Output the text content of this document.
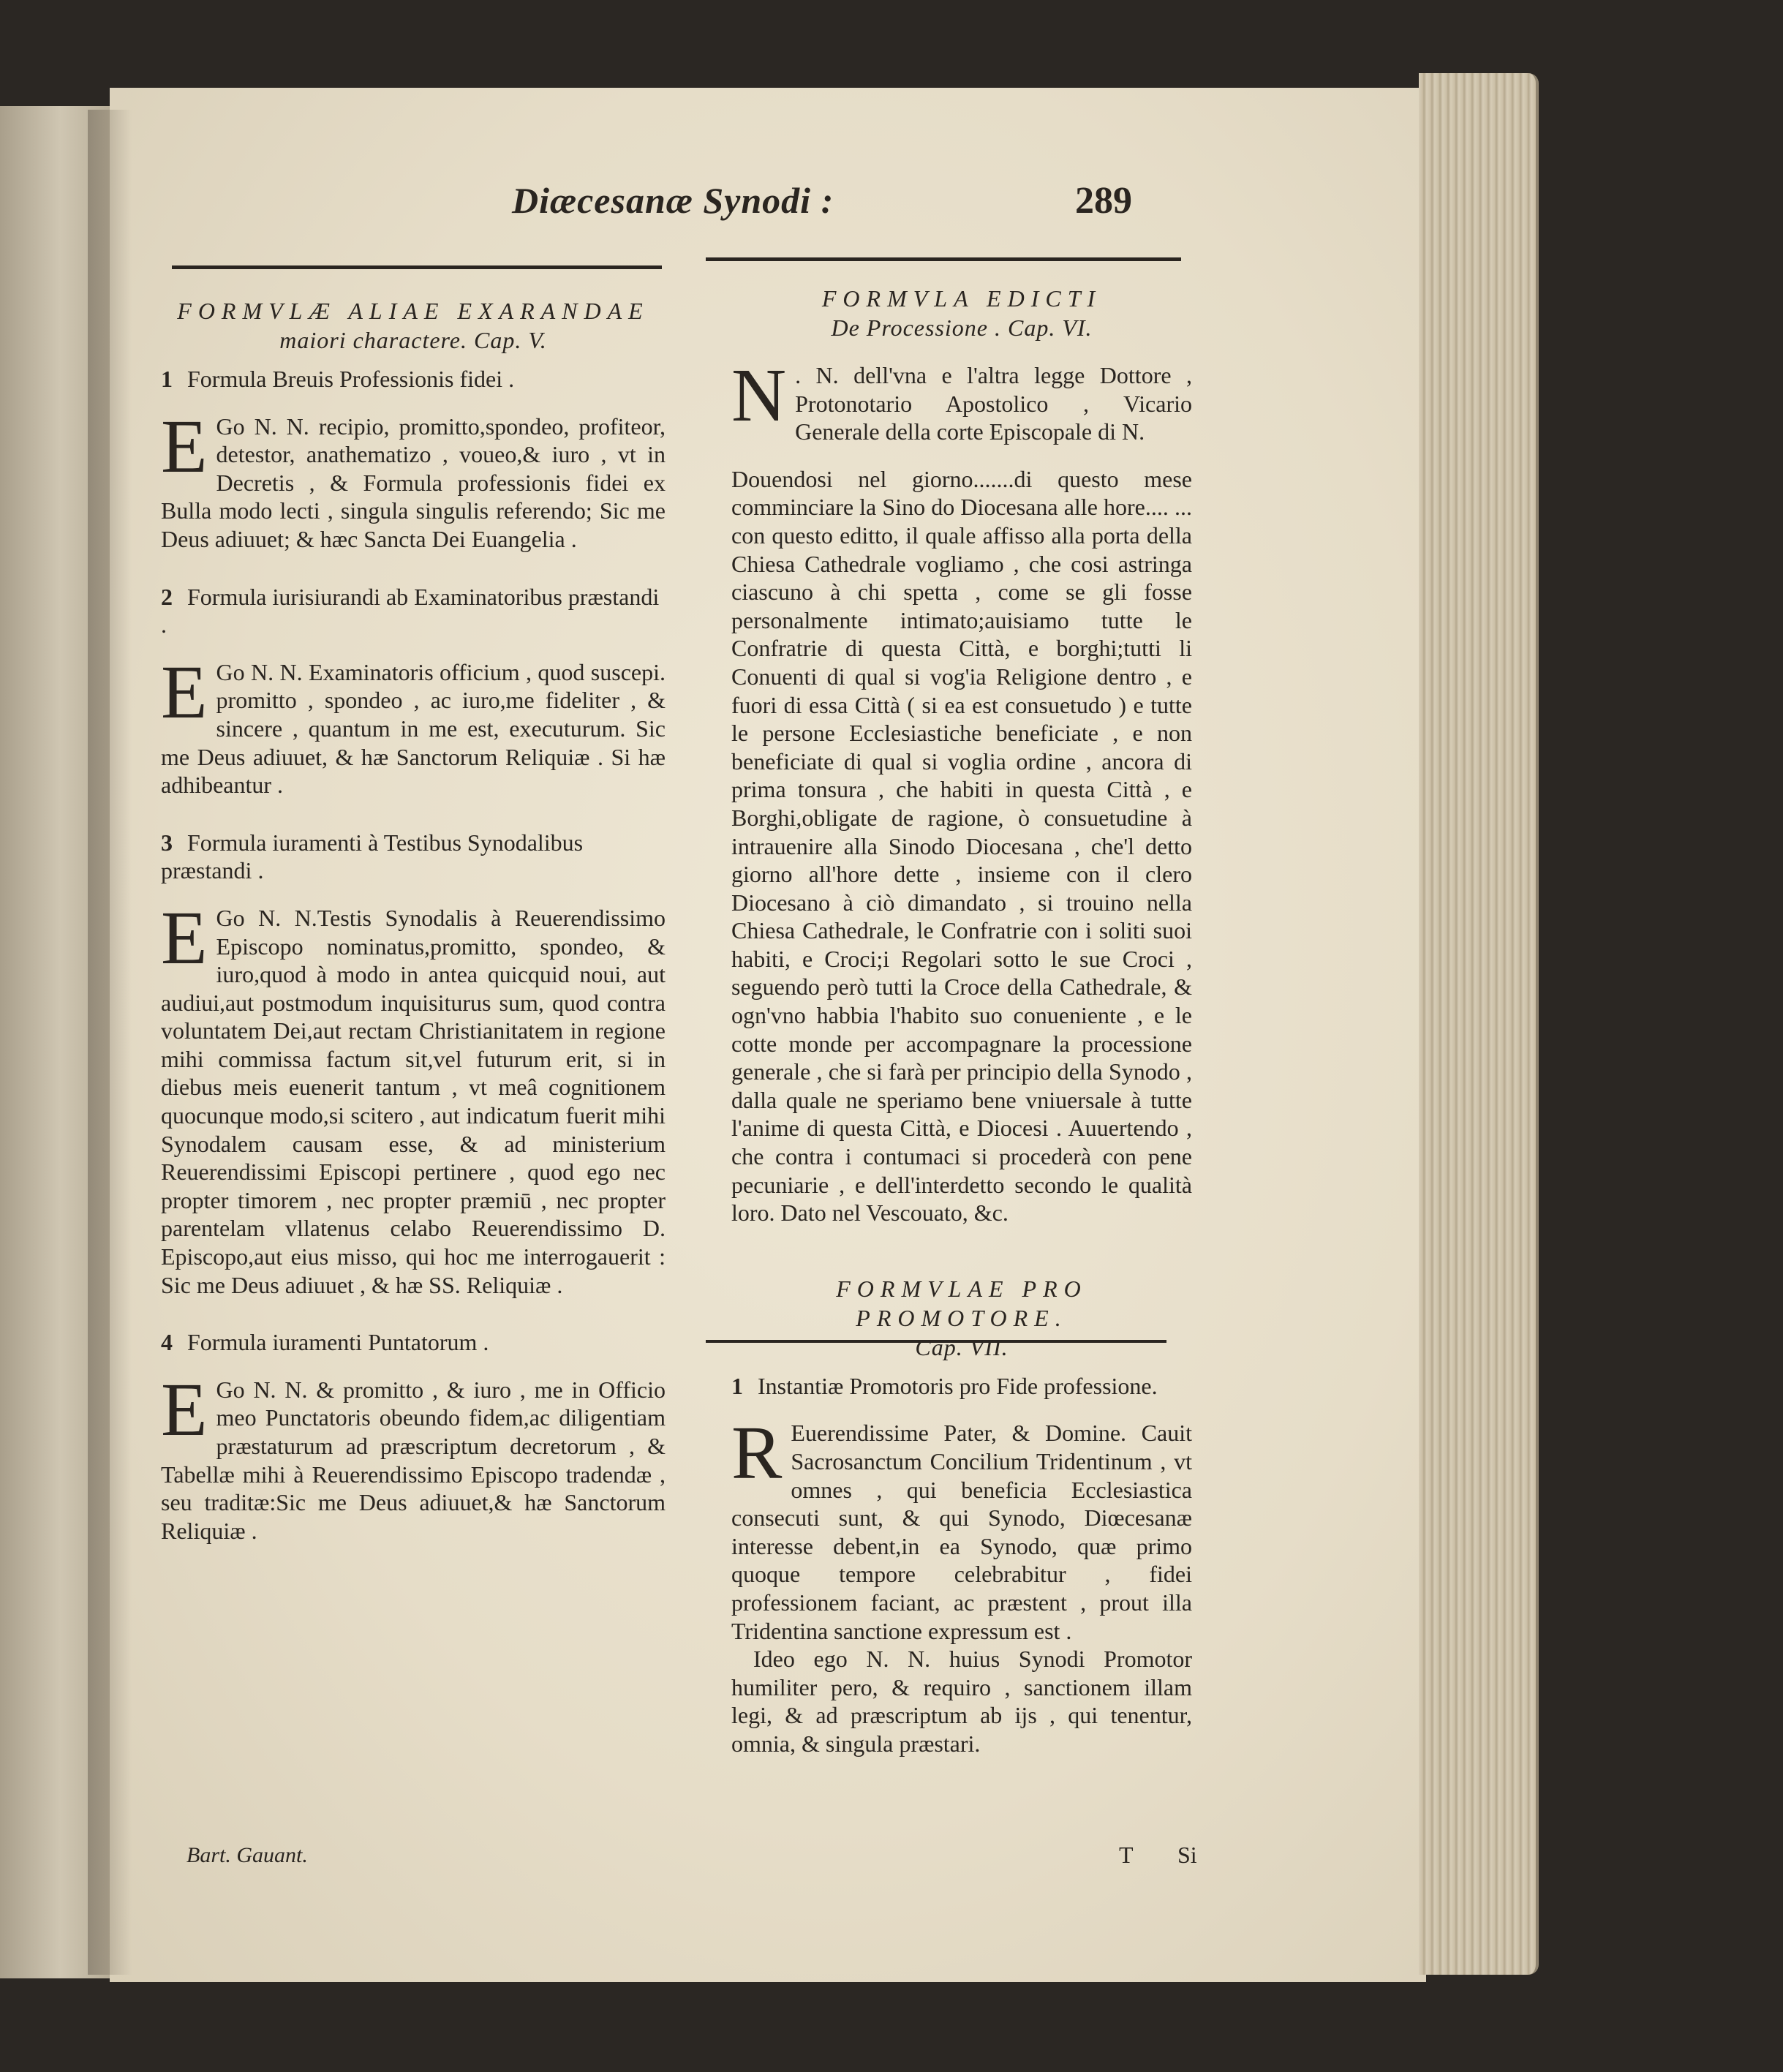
Diæcesanæ Synodi :	289
FORMVLÆ ALIAE EXARANDAE
maiori charactere. Cap. V.
1 Formula Breuis Professionis fidei .

E Go N. N. recipio, promitto,spondeo, profiteor, detestor, anathematizo , voueo,& iuro , vt in Decretis , & Formula professionis fidei ex Bulla modo lecti , singula singulis referendo; Sic me Deus adiuuet; & hæc Sancta Dei Euangelia .

2 Formula iurisiurandi ab Examinatoribus præstandi .

E Go N. N. Examinatoris officium , quod suscepi. promitto , spondeo , ac iuro,me fideliter , & sincere , quantum in me est, executurum. Sic me Deus adiuuet, & hæ Sanctorum Reliquiæ . Si hæ adhibeantur .

3 Formula iuramenti à Testibus Synodalibus præstandi .

E Go N. N.Testis Synodalis à Reuerendissimo Episcopo nominatus,promitto, spondeo, & iuro,quod à modo in antea quicquid noui, aut audiui,aut postmodum inquisiturus sum, quod contra voluntatem Dei,aut rectam Christianitatem in regione mihi commissa factum sit,vel futurum erit, si in diebus meis euenerit tantum , vt meâ cognitionem quocunque modo,si scitero , aut indicatum fuerit mihi Synodalem causam esse, & ad ministerium Reuerendissimi Episcopi pertinere , quod ego nec propter timorem , nec propter præmiū , nec propter parentelam vllatenus celabo Reuerendissimo D. Episcopo,aut eius misso, qui hoc me interrogauerit : Sic me Deus adiuuet , & hæ SS. Reliquiæ .

4 Formula iuramenti Puntatorum .

E Go N. N. & promitto , & iuro , me in Officio meo Punctatoris obeundo fidem,ac diligentiam præstaturum ad præscriptum decretorum , & Tabellæ mihi à Reuerendissimo Episcopo tradendæ , seu traditæ:Sic me Deus adiuuet,& hæ Sanctorum Reliquiæ .

FORMVLA EDICTI
De Processione . Cap. VI.

N . N. dell'vna e l'altra legge Dottore , Protonotario Apostolico , Vicario Generale della corte Episcopale di N.

Douendosi nel giorno.......di questo mese comminciare la Sino do Diocesana alle hore.... ... con questo editto, il quale affisso alla porta della Chiesa Cathedrale vogliamo , che cosi astringa ciascuno à chi spetta , come se gli fosse personalmente intimato;auisiamo tutte le Confratrie di questa Città, e borghi;tutti li Conuenti di qual si vog'ia Religione dentro , e fuori di essa Città ( si ea est consuetudo ) e tutte le persone Ecclesiastiche beneficiate , e non beneficiate di qual si voglia ordine , ancora di prima tonsura , che habiti in questa Città , e Borghi,obligate de ragione, ò consuetudine à intrauenire alla Sinodo Diocesana , che'l detto giorno all'hore dette , insieme con il clero Diocesano à ciò dimandato , si trouino nella Chiesa Cathedrale, le Confratrie con i soliti suoi habiti, e Croci;i Regolari sotto le sue Croci , seguendo però tutti la Croce della Cathedrale, & ogn'vno habbia l'habito suo conueniente , e le cotte monde per accompagnare la processione generale , che si farà per principio della Synodo , dalla quale ne speriamo bene vniuersale à tutte l'anime di questa Città, e Diocesi . Auuertendo , che contra i contumaci si procederà con pene pecuniarie , e dell'interdetto secondo le qualità loro. Dato nel Vescouato, &c.

FORMVLAE PRO PROMOTORE.
Cap. VII.
1 Instantiæ Promotoris pro Fide professione.

R Euerendissime Pater, & Domine. Cauit Sacrosanctum Concilium Tridentinum , vt omnes , qui beneficia Ecclesiastica consecuti sunt, & qui Synodo, Diœcesanæ interesse debent,in ea Synodo, quæ primo quoque tempore celebrabitur , fidei professionem faciant, ac præstent , prout illa Tridentina sanctione expressum est .

Ideo ego N. N. huius Synodi Promotor humiliter pero, & requiro , sanctionem illam legi, & ad præscriptum ab ijs , qui tenentur, omnia, & singula præstari.

Bart. Gauant.	T Si
